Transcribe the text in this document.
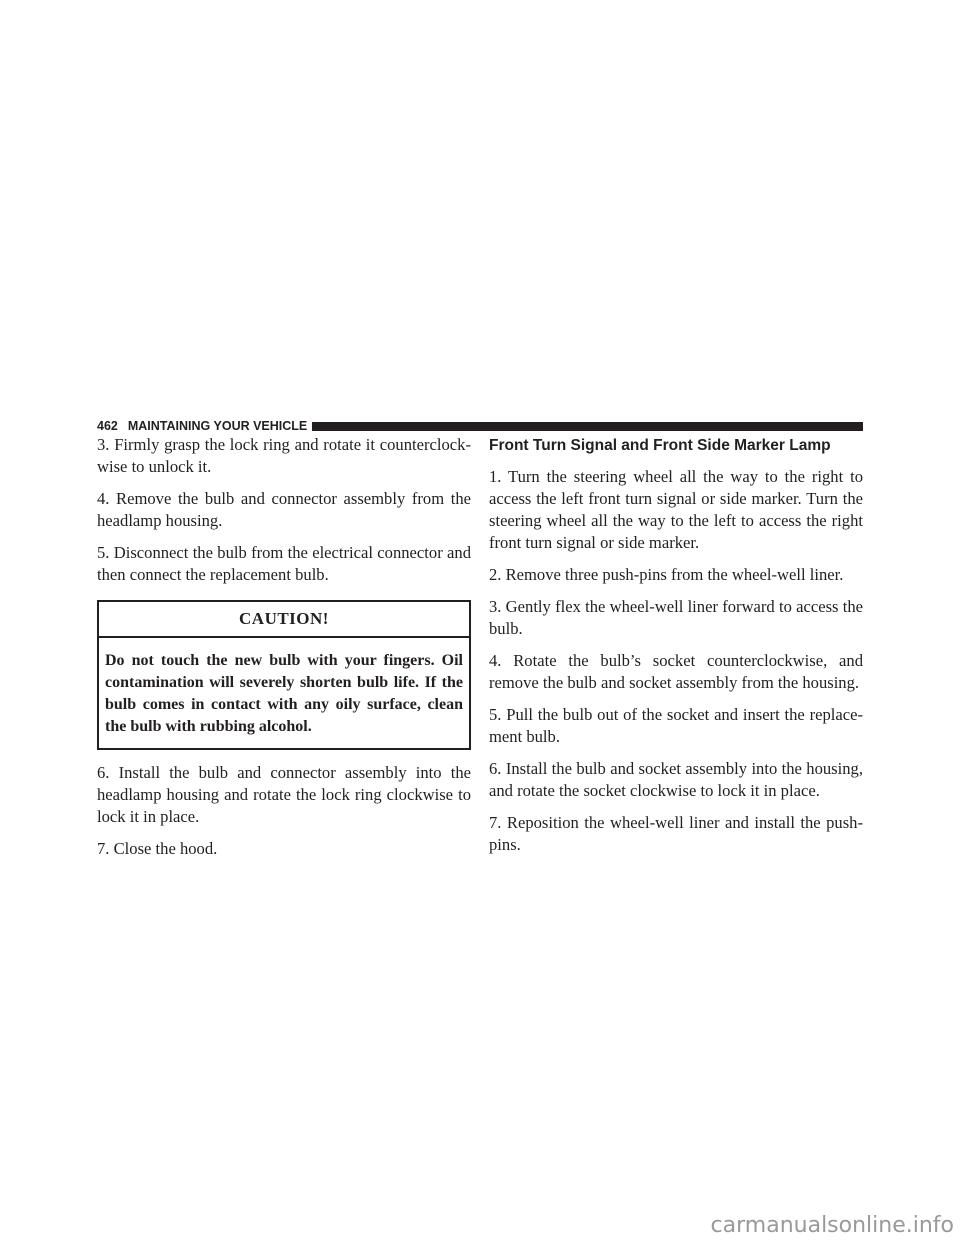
462 MAINTAINING YOUR VEHICLE

3. Firmly grasp the lock ring and rotate it counterclock-wise to unlock it.

4. Remove the bulb and connector assembly from the headlamp housing.

5. Disconnect the bulb from the electrical connector and then connect the replacement bulb.

CAUTION!
Do not touch the new bulb with your fingers. Oil contamination will severely shorten bulb life. If the bulb comes in contact with any oily surface, clean the bulb with rubbing alcohol.

6. Install the bulb and connector assembly into the headlamp housing and rotate the lock ring clockwise to lock it in place.

7. Close the hood.

Front Turn Signal and Front Side Marker Lamp

1. Turn the steering wheel all the way to the right to access the left front turn signal or side marker. Turn the steering wheel all the way to the left to access the right front turn signal or side marker.

2. Remove three push-pins from the wheel-well liner.

3. Gently flex the wheel-well liner forward to access the bulb.

4. Rotate the bulb’s socket counterclockwise, and remove the bulb and socket assembly from the housing.

5. Pull the bulb out of the socket and insert the replace-ment bulb.

6. Install the bulb and socket assembly into the housing, and rotate the socket clockwise to lock it in place.

7. Reposition the wheel-well liner and install the push-pins.

carmanualsonline.info
